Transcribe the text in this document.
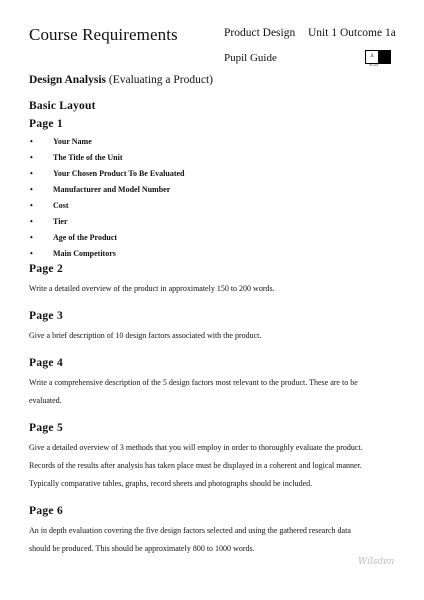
Course Requirements	Product Design Unit 1 Outcome 1a
Pupil Guide	Δ
Tr ord
Design Analysis (Evaluating a Product)
Basic Layout
Page 1
•	Your Name
•	The Title of the Unit
•	Your Chosen Product To Be Evaluated
•	Manufacturer and Model Number
•	Cost
•	Tier
•	Age of the Product
•	Main Competitors
Page 2

Write a detailed overview of the product in approximately 150 to 200 words.

Page 3

Give a brief description of 10 design factors associated with the product.

Page 4

Write a comprehensive description of the 5 design factors most relevant to the product. These are to be
evaluated.

Page 5

Give a detailed overview of 3 methods that you will employ in order to thoroughly evaluate the product.
Records of the results after analysis has taken place must be displayed in a coherent and logical manner.
Typically comparative tables, graphs, record sheets and photographs should be included.

Page 6

An in depth evaluation covering the five design factors selected and using the gathered research data
should be produced. This should be approximately 800 to 1000 words.

Wilsden
